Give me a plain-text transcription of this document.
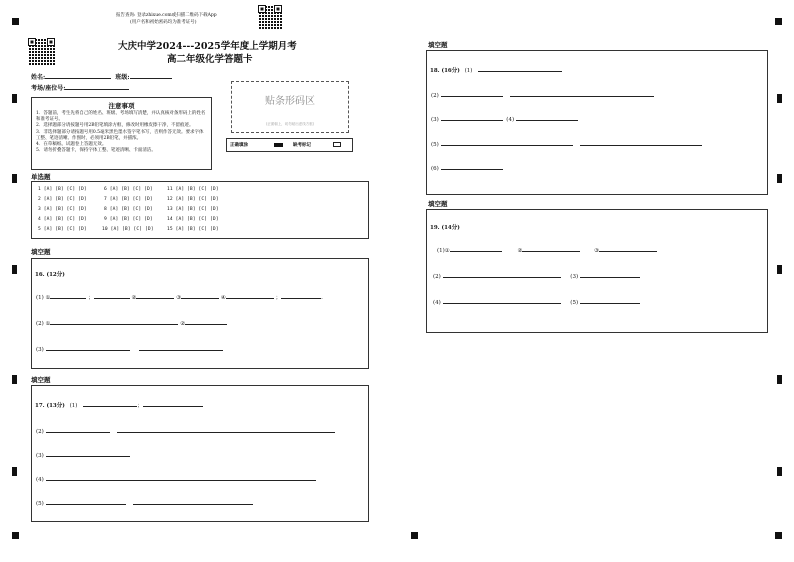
报告查询: 登录zhixue.com或扫描二维码下载App
(用户名和初始密码均为准考证号)
大庆中学2024---2025学年度上学期月考
高二年级化学答题卡
姓名:	班级:
考场/座位号:
注意事项

1．答题前，考生先将自己的姓名、班级、考场填写清楚，并认真核对条形码上的姓名和准考证号。

2．选择题部分请按题号用2B铅笔填涂方框，修改时用橡皮擦干净，不留痕迹。

3．非选择题部分请按题号用0.5毫米黑色墨水签字笔书写，否则作答无效。要求字体工整、笔迹清晰。作图时，必须用2B铅笔，并描浓。

4．在草稿纸、试题卷上答题无效。

5．请勿折叠答题卡，保持字体工整、笔迹清晰、卡面清洁。

贴条形码区
(正面朝上，切勿贴出虚线方框)
正确填涂	缺考标记
单选题
1 [A] [B] [C] [D]
2 [A] [B] [C] [D]
3 [A] [B] [C] [D]
4 [A] [B] [C] [D]
5 [A] [B] [C] [D]
6 [A] [B] [C] [D]
7 [A] [B] [C] [D]
8 [A] [B] [C] [D]
9 [A] [B] [C] [D]
10 [A] [B] [C] [D]
11 [A] [B] [C] [D]
12 [A] [B] [C] [D]
13 [A] [B] [C] [D]
14 [A] [B] [C] [D]
15 [A] [B] [C] [D]
填空题
16. (12分)
(1) ①	；	②	③	④	；	.
(2) ①	②
(3)
填空题
17. (13分) (1)	；
(2)
(3)
(4)
(5)
填空题
18. (16分) (1)
(2)
(3)	(4)
(5)
(6)
填空题
19. (14分)
(1)①	②	③
(2)	(3)
(4)	(5)
